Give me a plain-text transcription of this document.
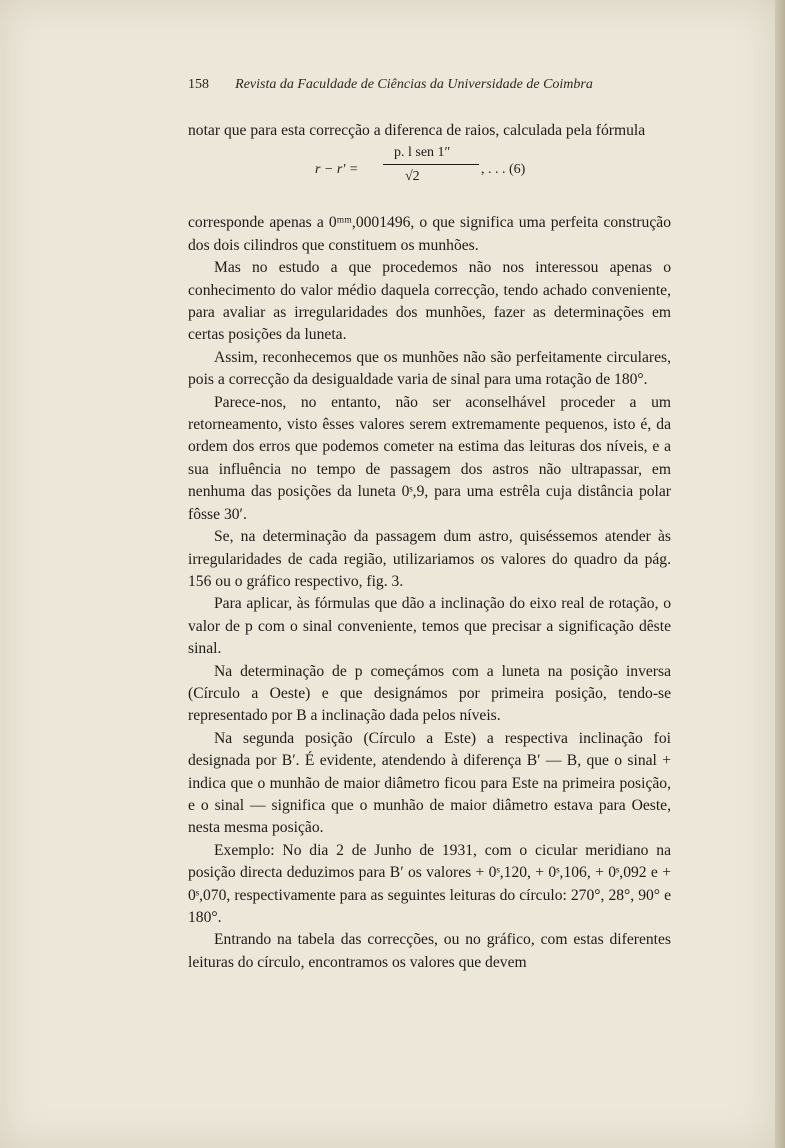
158 Revista da Faculdade de Ciências da Universidade de Coimbra

notar que para esta correcção a diferenca de raios, calculada pela fórmula

r − r′ =
p. l sen 1″
√2	, . . . (6)

corresponde apenas a 0ᵐᵐ,0001496, o que significa uma perfeita construção dos dois cilindros que constituem os munhões.

Mas no estudo a que procedemos não nos interessou apenas o conhecimento do valor médio daquela correcção, tendo achado conveniente, para avaliar as irregularidades dos munhões, fazer as determinações em certas posições da luneta.

Assim, reconhecemos que os munhões não são perfeitamente circulares, pois a correcção da desigualdade varia de sinal para uma rotação de 180°.

Parece-nos, no entanto, não ser aconselhável proceder a um retorneamento, visto êsses valores serem extremamente pequenos, isto é, da ordem dos erros que podemos cometer na estima das leituras dos níveis, e a sua influência no tempo de passagem dos astros não ultrapassar, em nenhuma das posições da luneta 0ˢ,9, para uma estrêla cuja distância polar fôsse 30′.

Se, na determinação da passagem dum astro, quiséssemos atender às irregularidades de cada região, utilizariamos os valores do quadro da pág. 156 ou o gráfico respectivo, fig. 3.

Para aplicar, às fórmulas que dão a inclinação do eixo real de rotação, o valor de p com o sinal conveniente, temos que precisar a significação dêste sinal.

Na determinação de p começámos com a luneta na posição inversa (Círculo a Oeste) e que designámos por primeira posição, tendo-se representado por B a inclinação dada pelos níveis.

Na segunda posição (Círculo a Este) a respectiva inclinação foi designada por B′. É evidente, atendendo à diferença B′ — B, que o sinal + indica que o munhão de maior diâmetro ficou para Este na primeira posição, e o sinal — significa que o munhão de maior diâmetro estava para Oeste, nesta mesma posição.

Exemplo: No dia 2 de Junho de 1931, com o cicular meridiano na posição directa deduzimos para B′ os valores + 0ˢ,120, + 0ˢ,106, + 0ˢ,092 e + 0ˢ,070, respectivamente para as seguintes leituras do círculo: 270°, 28°, 90° e 180°.

Entrando na tabela das correcções, ou no gráfico, com estas diferentes leituras do círculo, encontramos os valores que devem
